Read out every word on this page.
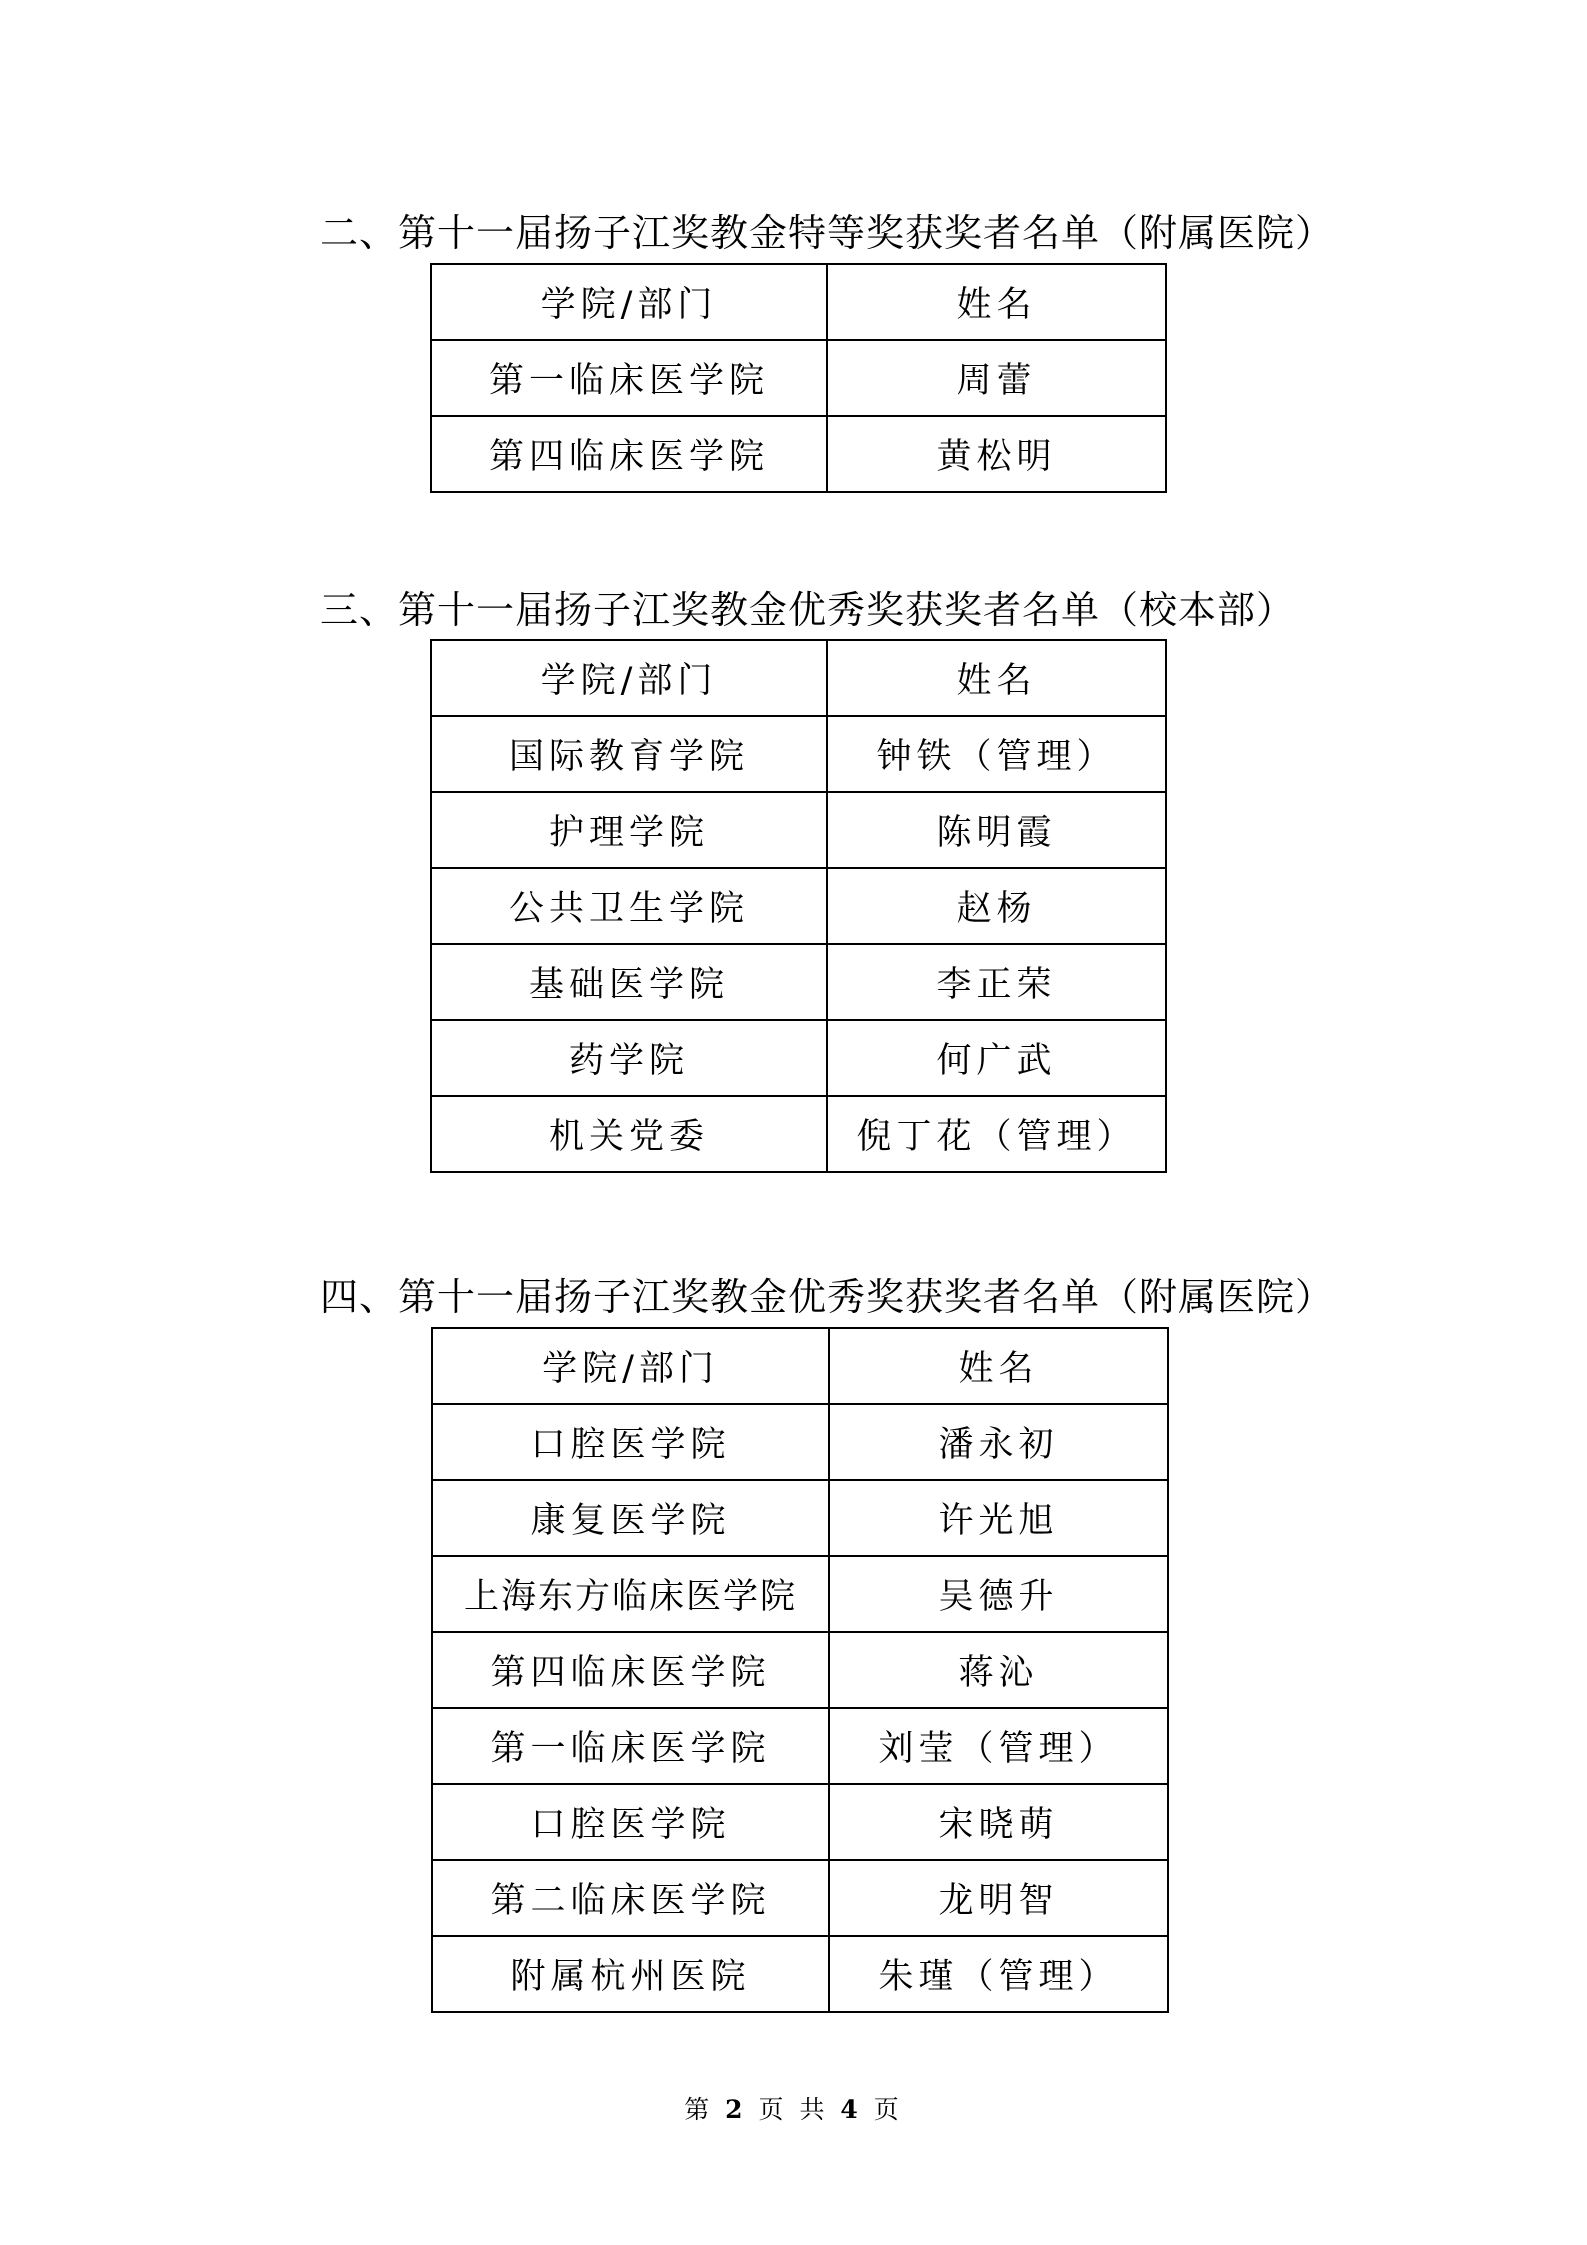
二、第十一届扬子江奖教金特等奖获奖者名单（附属医院）
学院/部门	姓名
第一临床医学院	周蕾
第四临床医学院	黄松明
三、第十一届扬子江奖教金优秀奖获奖者名单（校本部）
学院/部门	姓名
国际教育学院	钟铁（管理）
护理学院	陈明霞
公共卫生学院	赵杨
基础医学院	李正荣
药学院	何广武
机关党委	倪丁花（管理）
四、第十一届扬子江奖教金优秀奖获奖者名单（附属医院）
学院/部门	姓名
口腔医学院	潘永初
康复医学院	许光旭
上海东方临床医学院	吴德升
第四临床医学院	蒋沁
第一临床医学院	刘莹（管理）
口腔医学院	宋晓萌
第二临床医学院	龙明智
附属杭州医院	朱瑾（管理）
第 2 页 共 4 页
